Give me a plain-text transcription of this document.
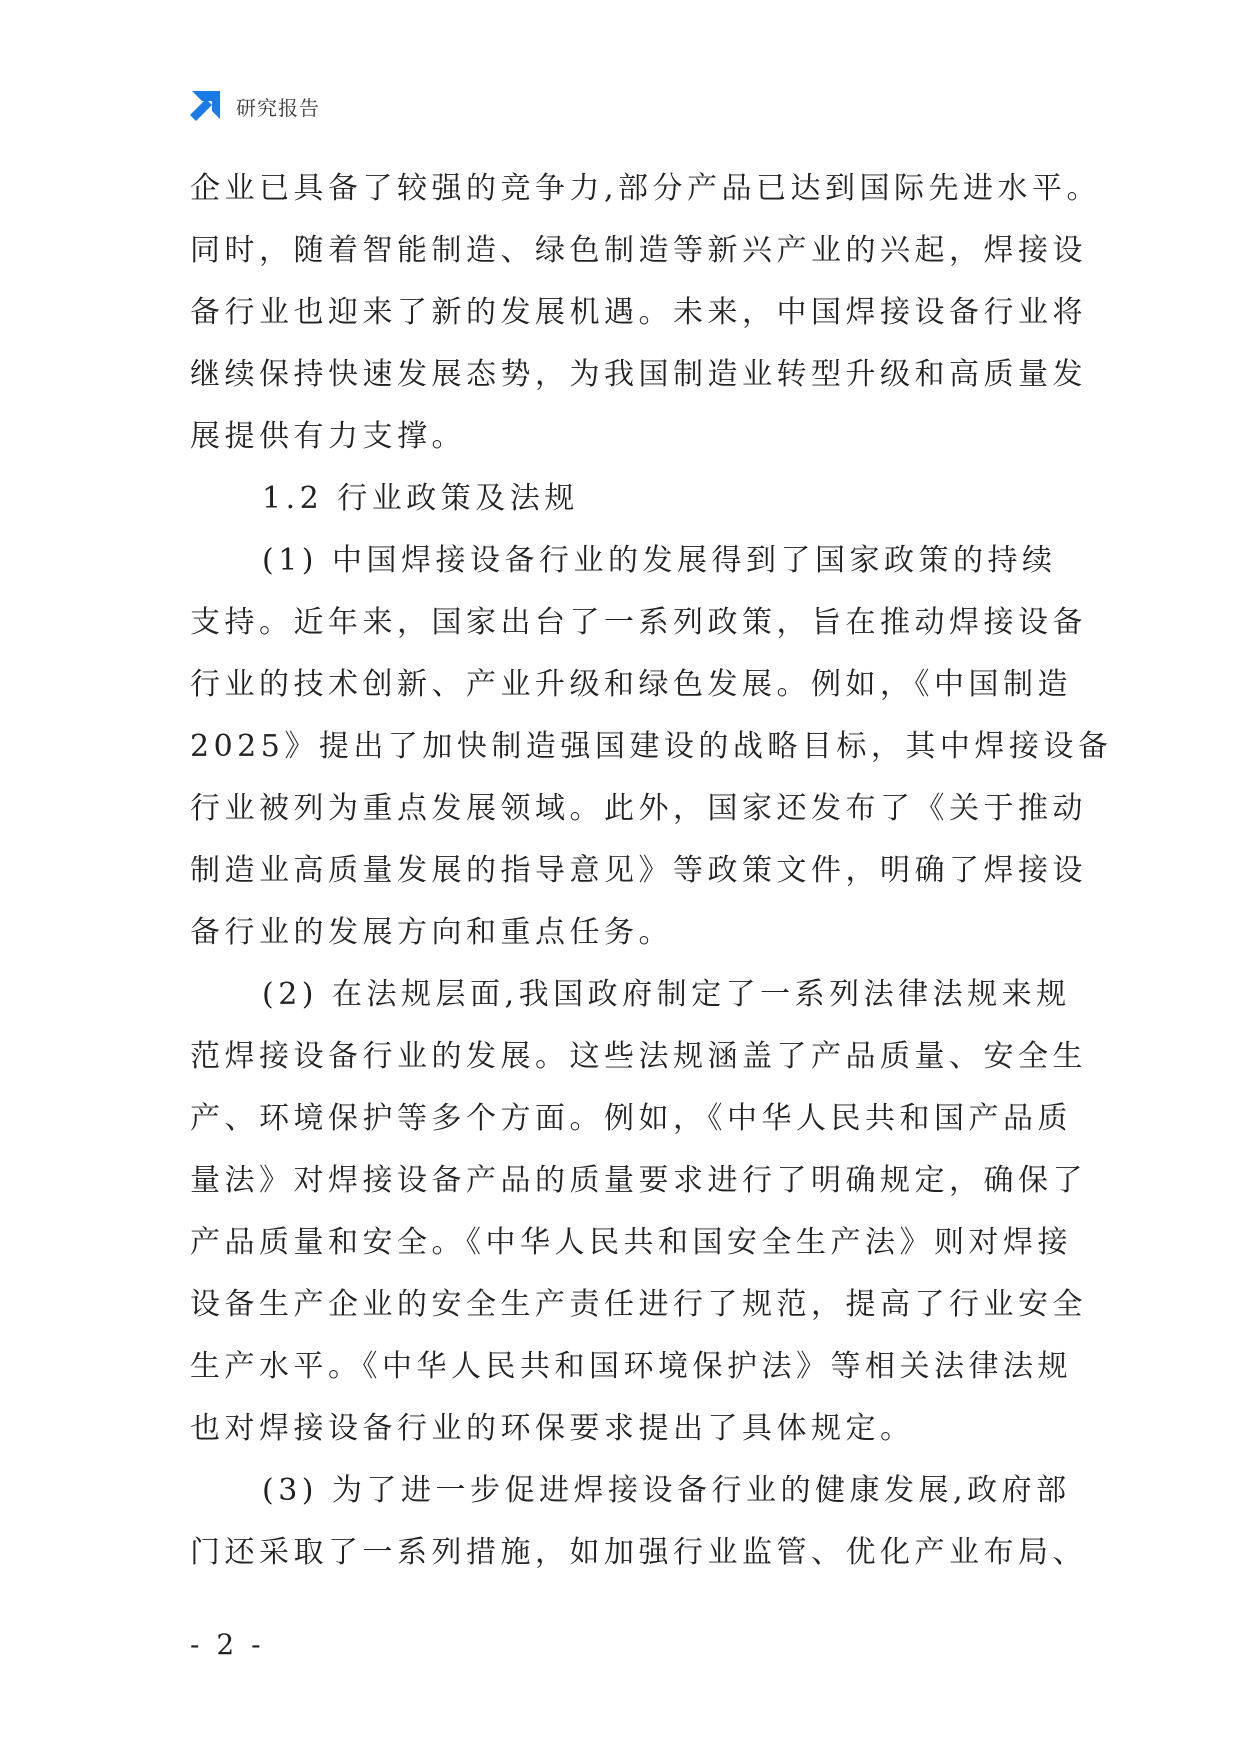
研究报告
企业已具备了较强的竞争力,部分产品已达到国际先进水平。
同时，随着智能制造、绿色制造等新兴产业的兴起，焊接设
备行业也迎来了新的发展机遇。未来，中国焊接设备行业将
继续保持快速发展态势，为我国制造业转型升级和高质量发
展提供有力支撑。
1.2 行业政策及法规
(1) 中国焊接设备行业的发展得到了国家政策的持续
支持。近年来，国家出台了一系列政策，旨在推动焊接设备
行业的技术创新、产业升级和绿色发展。例如，《中国制造
2025》提出了加快制造强国建设的战略目标，其中焊接设备
行业被列为重点发展领域。此外，国家还发布了《关于推动
制造业高质量发展的指导意见》等政策文件，明确了焊接设
备行业的发展方向和重点任务。
(2) 在法规层面,我国政府制定了一系列法律法规来规
范焊接设备行业的发展。这些法规涵盖了产品质量、安全生
产、环境保护等多个方面。例如，《中华人民共和国产品质
量法》对焊接设备产品的质量要求进行了明确规定，确保了
产品质量和安全。《中华人民共和国安全生产法》则对焊接
设备生产企业的安全生产责任进行了规范，提高了行业安全
生产水平。《中华人民共和国环境保护法》等相关法律法规
也对焊接设备行业的环保要求提出了具体规定。
(3) 为了进一步促进焊接设备行业的健康发展,政府部
门还采取了一系列措施，如加强行业监管、优化产业布局、
- 2 -
